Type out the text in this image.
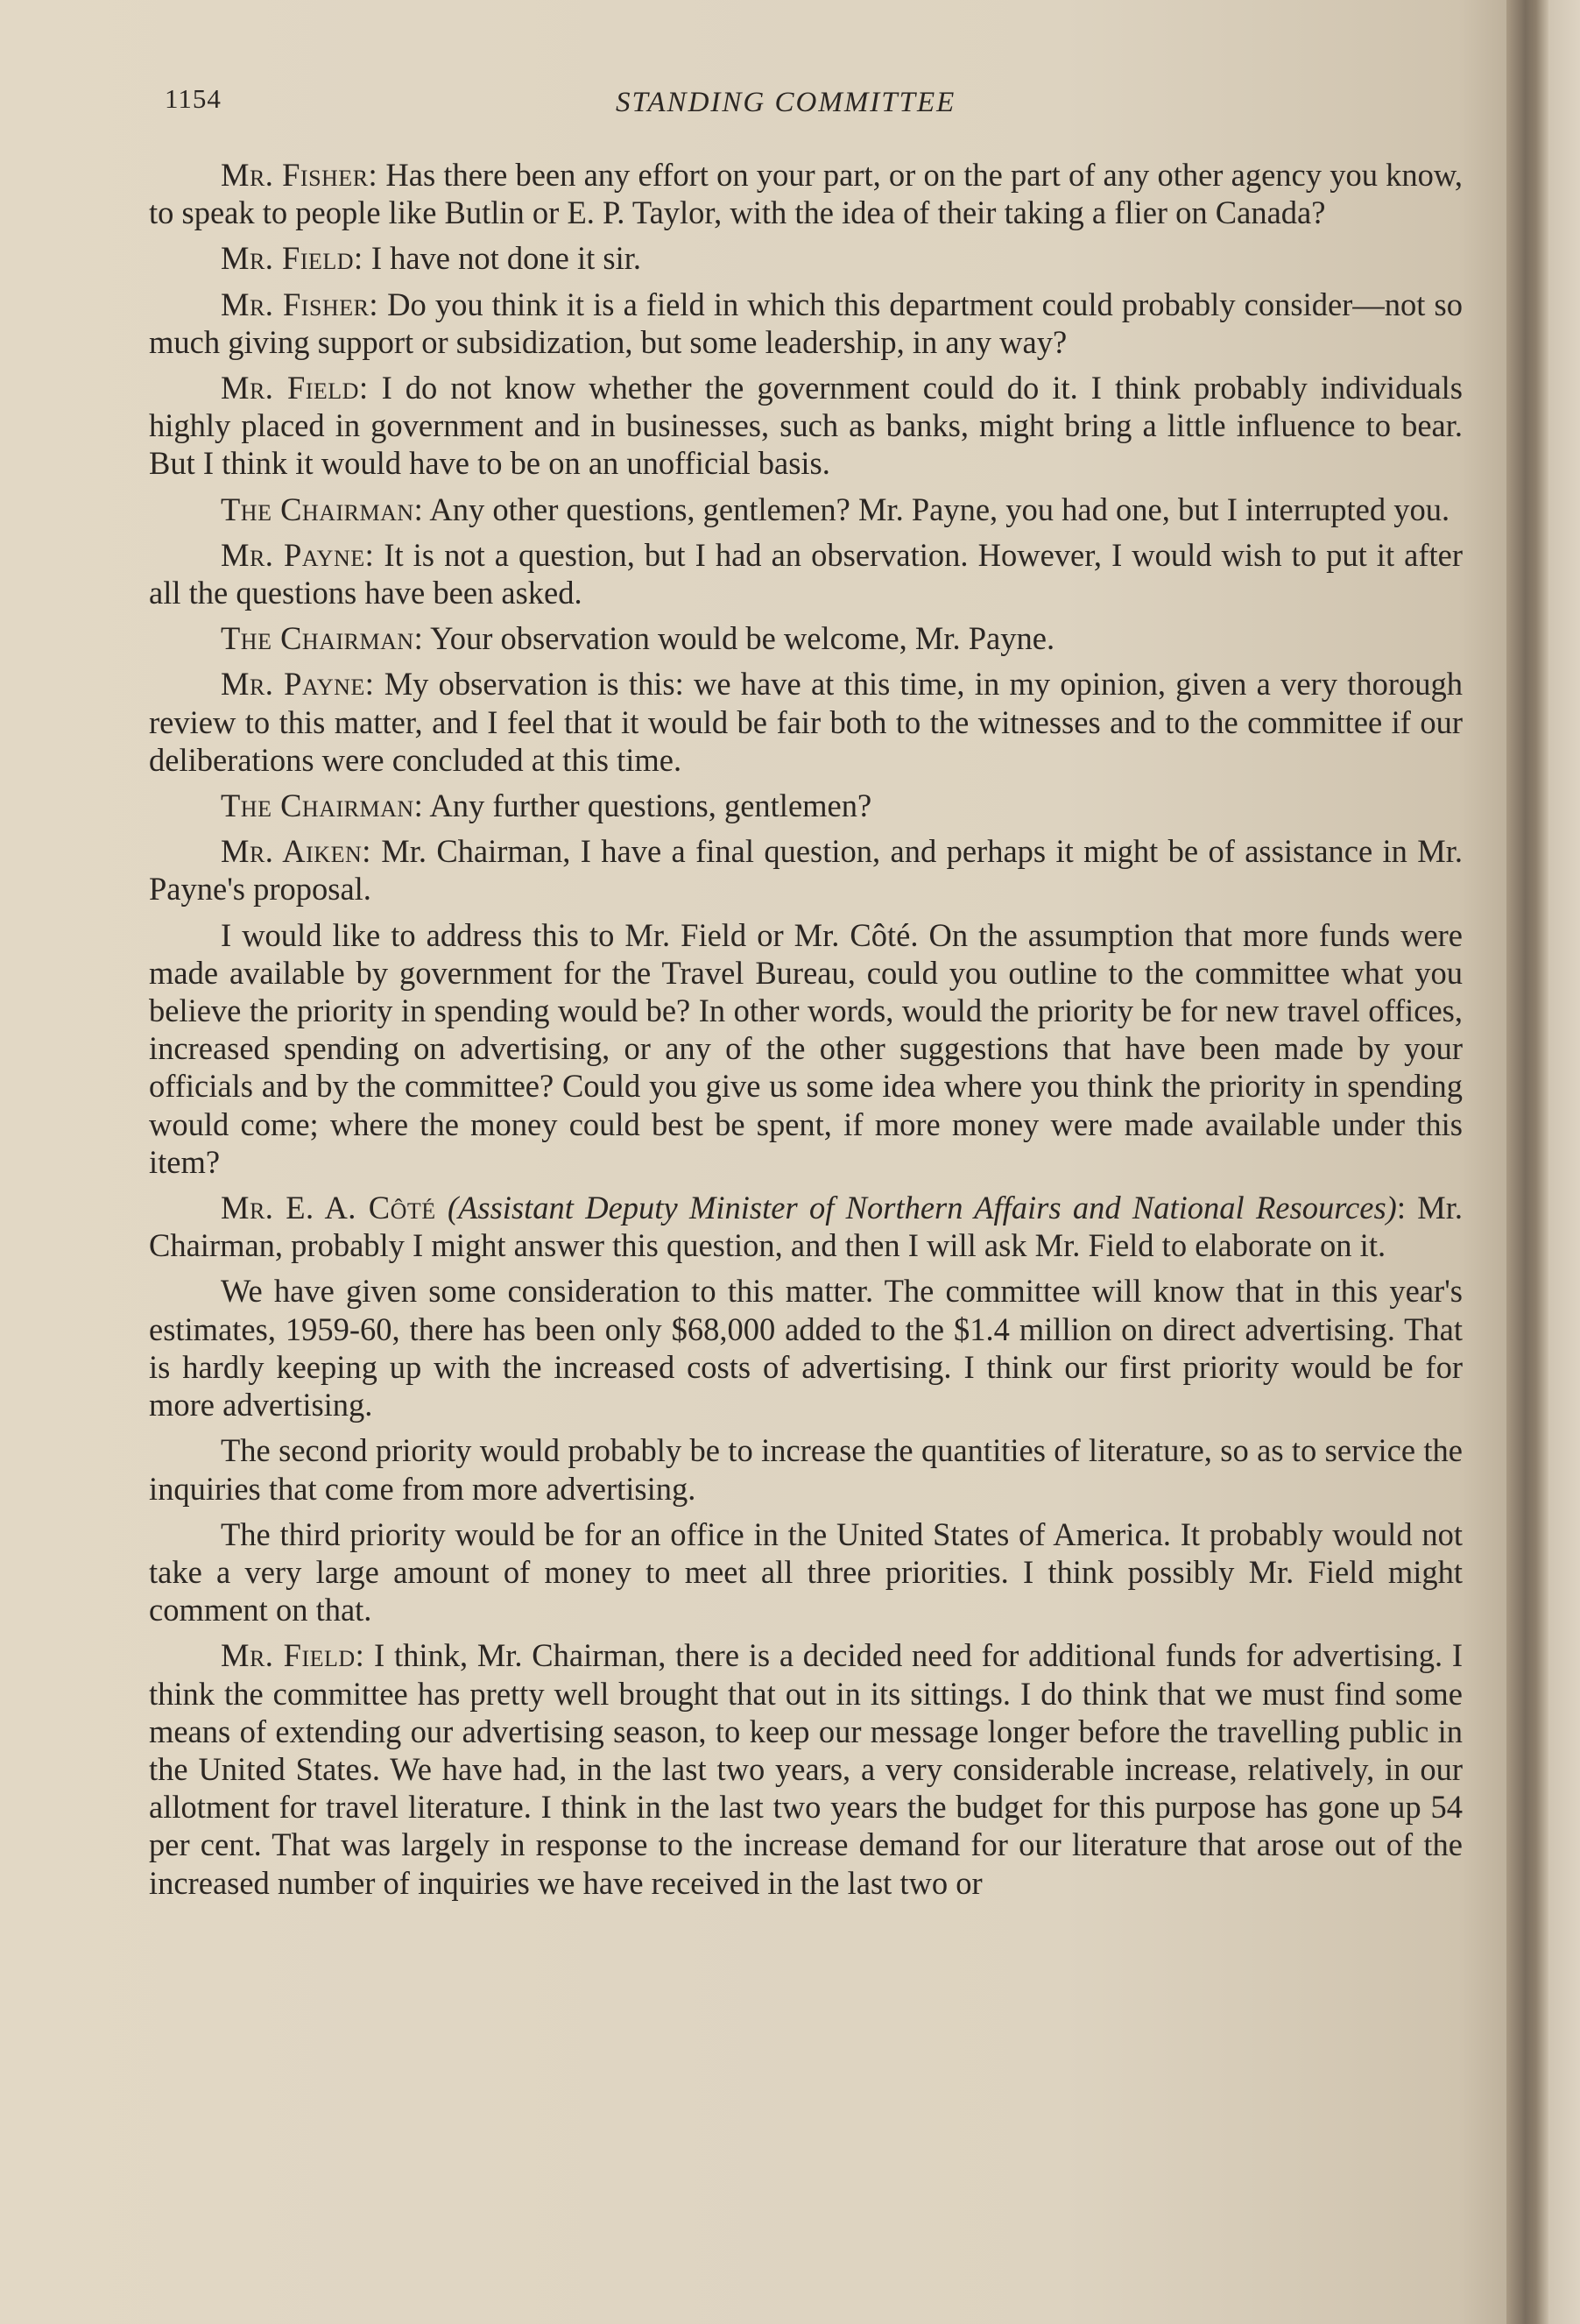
1154	STANDING COMMITTEE

Mr. Fisher: Has there been any effort on your part, or on the part of any other agency you know, to speak to people like Butlin or E. P. Taylor, with the idea of their taking a flier on Canada?

Mr. Field: I have not done it sir.

Mr. Fisher: Do you think it is a field in which this department could probably consider—not so much giving support or subsidization, but some leadership, in any way?

Mr. Field: I do not know whether the government could do it. I think probably individuals highly placed in government and in businesses, such as banks, might bring a little influence to bear. But I think it would have to be on an unofficial basis.

The Chairman: Any other questions, gentlemen? Mr. Payne, you had one, but I interrupted you.

Mr. Payne: It is not a question, but I had an observation. However, I would wish to put it after all the questions have been asked.

The Chairman: Your observation would be welcome, Mr. Payne.

Mr. Payne: My observation is this: we have at this time, in my opinion, given a very thorough review to this matter, and I feel that it would be fair both to the witnesses and to the committee if our deliberations were concluded at this time.

The Chairman: Any further questions, gentlemen?

Mr. Aiken: Mr. Chairman, I have a final question, and perhaps it might be of assistance in Mr. Payne's proposal.

I would like to address this to Mr. Field or Mr. Côté. On the assumption that more funds were made available by government for the Travel Bureau, could you outline to the committee what you believe the priority in spending would be? In other words, would the priority be for new travel offices, increased spending on advertising, or any of the other suggestions that have been made by your officials and by the committee? Could you give us some idea where you think the priority in spending would come; where the money could best be spent, if more money were made available under this item?

Mr. E. A. Côté (Assistant Deputy Minister of Northern Affairs and National Resources): Mr. Chairman, probably I might answer this question, and then I will ask Mr. Field to elaborate on it.

We have given some consideration to this matter. The committee will know that in this year's estimates, 1959-60, there has been only $68,000 added to the $1.4 million on direct advertising. That is hardly keeping up with the increased costs of advertising. I think our first priority would be for more advertising.

The second priority would probably be to increase the quantities of literature, so as to service the inquiries that come from more advertising.

The third priority would be for an office in the United States of America. It probably would not take a very large amount of money to meet all three priorities. I think possibly Mr. Field might comment on that.

Mr. Field: I think, Mr. Chairman, there is a decided need for additional funds for advertising. I think the committee has pretty well brought that out in its sittings. I do think that we must find some means of extending our advertising season, to keep our message longer before the travelling public in the United States. We have had, in the last two years, a very considerable increase, relatively, in our allotment for travel literature. I think in the last two years the budget for this purpose has gone up 54 per cent. That was largely in response to the increase demand for our literature that arose out of the increased number of inquiries we have received in the last two or
